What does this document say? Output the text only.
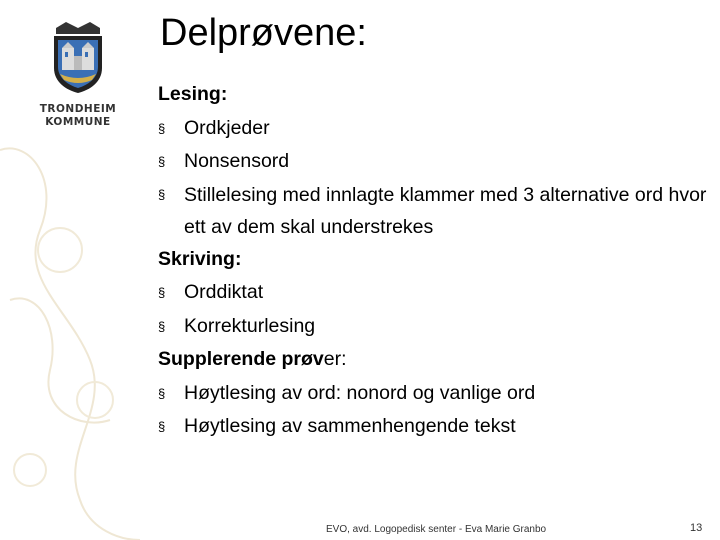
TRONDHEIM
KOMMUNE
Delprøvene:
Lesing:
§ Ordkjeder
§ Nonsensord
§ Stillelesing med innlagte klammer med 3 alternative ord hvor ett av dem skal understrekes
Skriving:
§ Orddiktat
§ Korrekturlesing
Supplerende prøver:
§ Høytlesing av ord: nonord og vanlige ord
§ Høytlesing av sammenhengende tekst
EVO, avd. Logopedisk senter - Eva Marie Granbo	13
